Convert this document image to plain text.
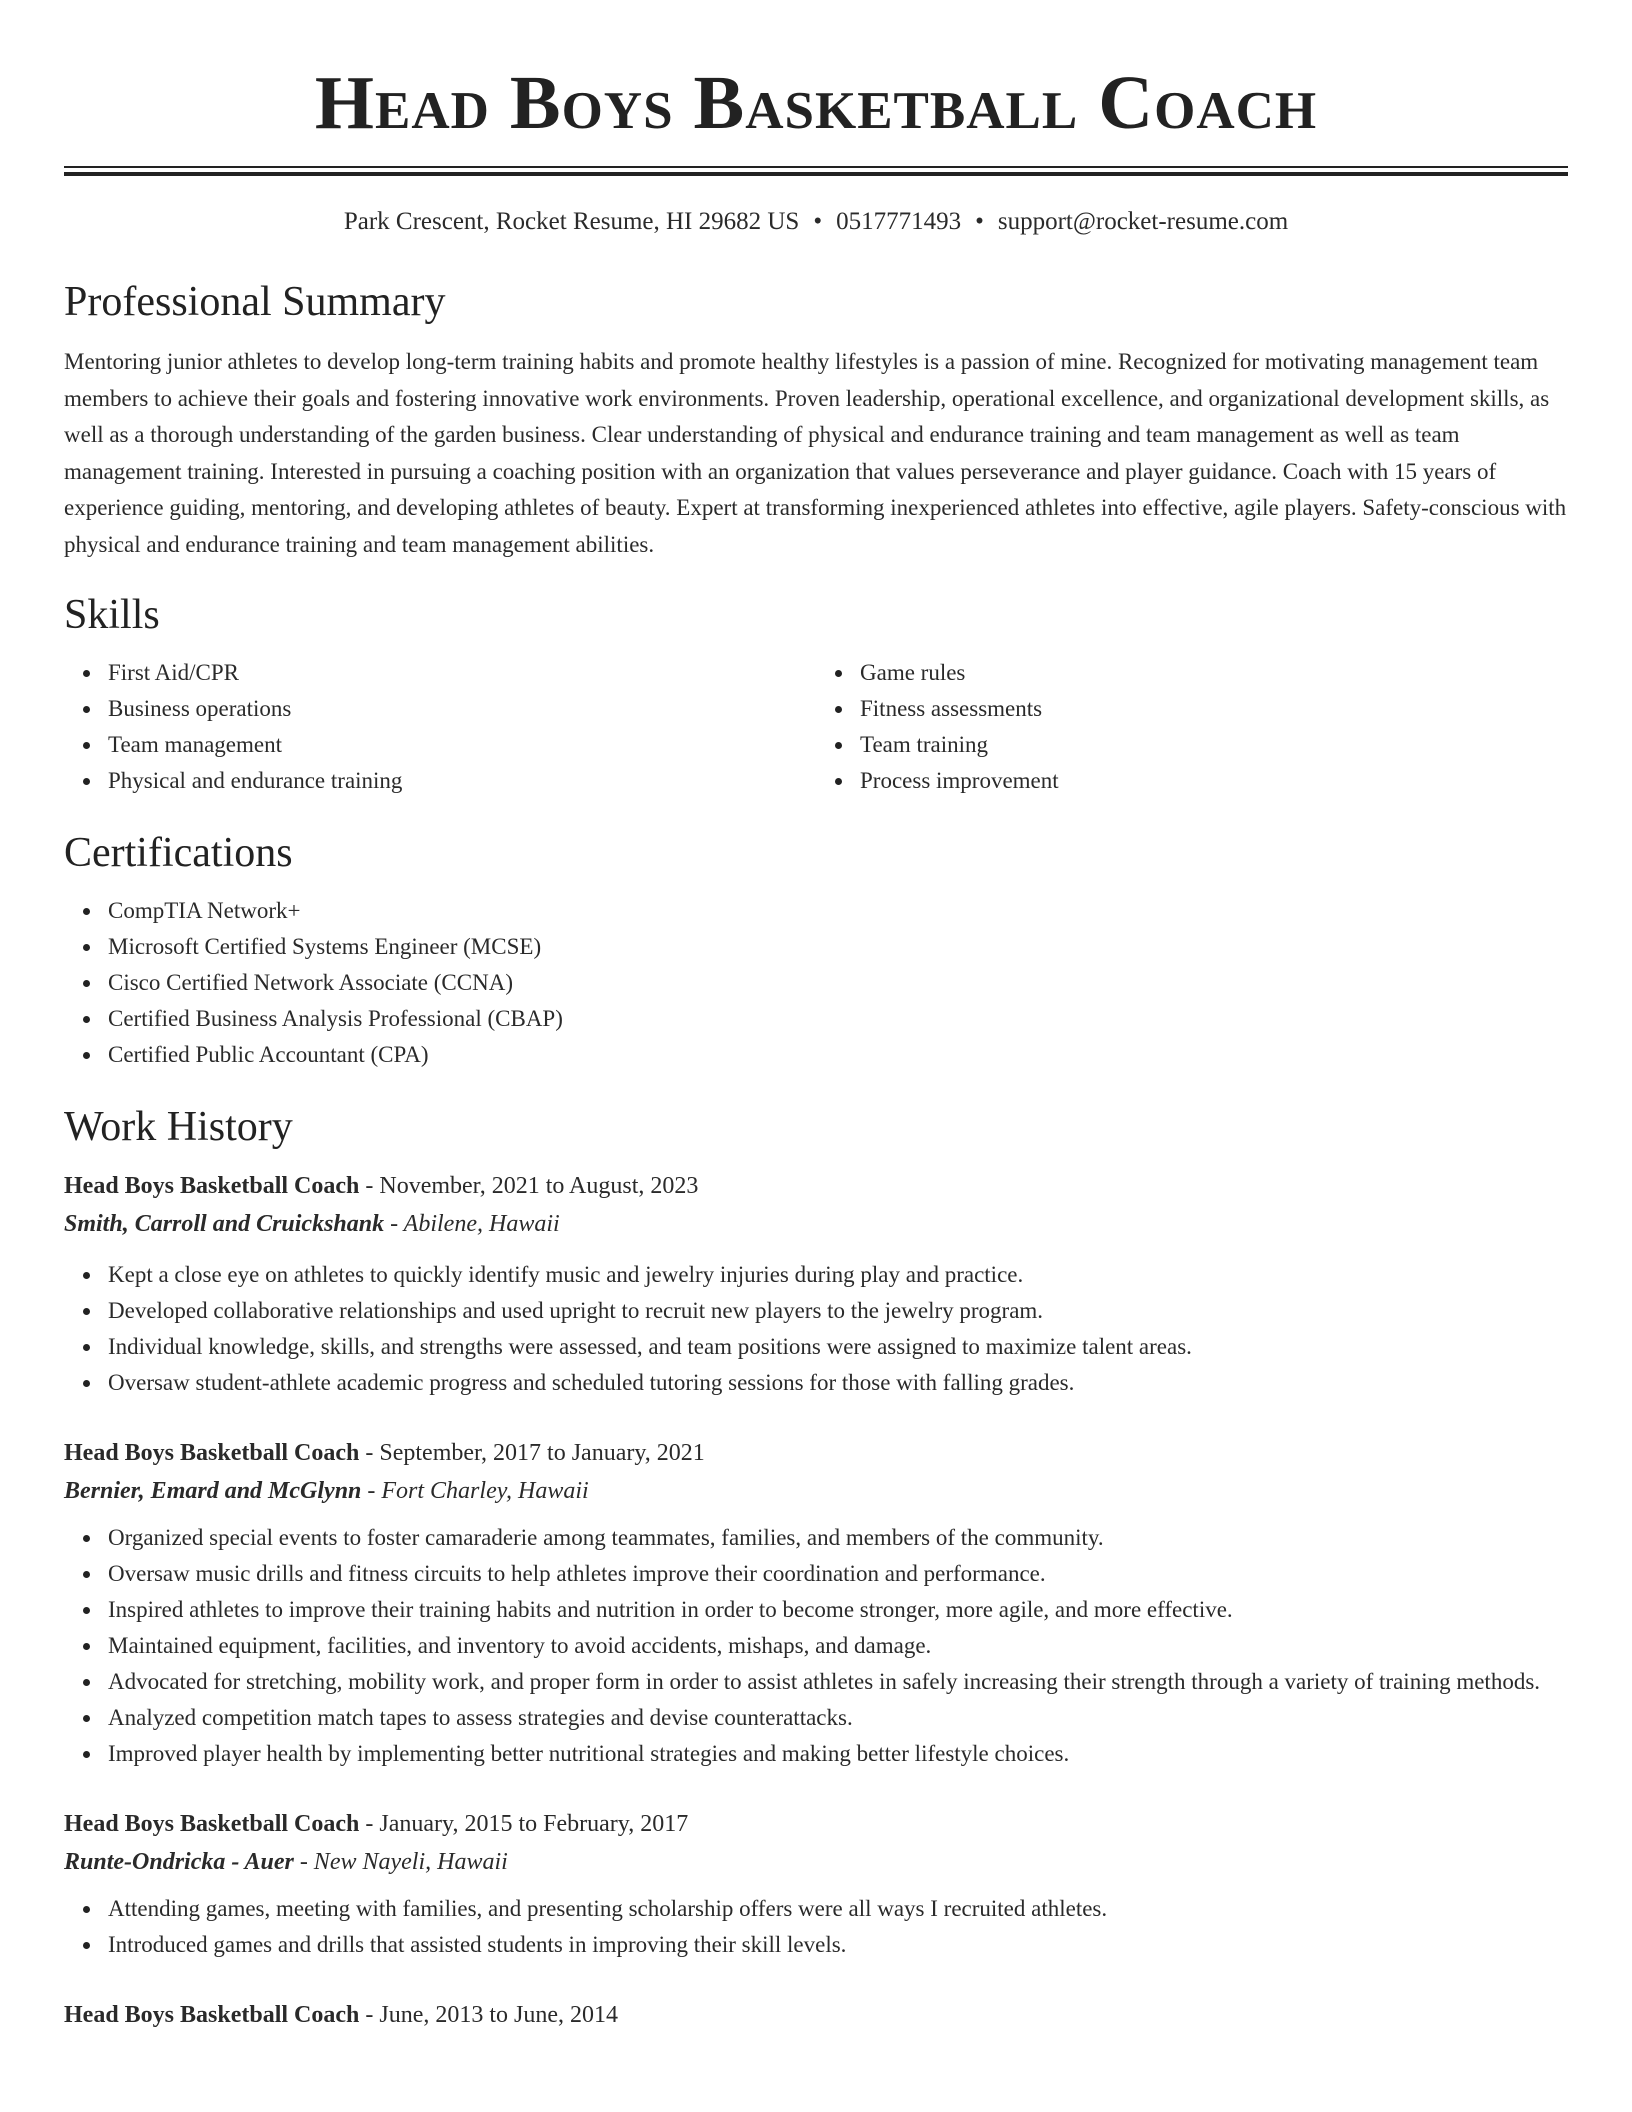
Head Boys Basketball Coach
Park Crescent, Rocket Resume, HI 29682 US • 0517771493 • support@rocket-resume.com
Professional Summary
Mentoring junior athletes to develop long-term training habits and promote healthy lifestyles is a passion of mine. Recognized for motivating management team members to achieve their goals and fostering innovative work environments. Proven leadership, operational excellence, and organizational development skills, as well as a thorough understanding of the garden business. Clear understanding of physical and endurance training and team management as well as team management training. Interested in pursuing a coaching position with an organization that values perseverance and player guidance. Coach with 15 years of experience guiding, mentoring, and developing athletes of beauty. Expert at transforming inexperienced athletes into effective, agile players. Safety-conscious with physical and endurance training and team management abilities.
Skills
First Aid/CPR
Business operations
Team management
Physical and endurance training
Game rules
Fitness assessments
Team training
Process improvement
Certifications
CompTIA Network+
Microsoft Certified Systems Engineer (MCSE)
Cisco Certified Network Associate (CCNA)
Certified Business Analysis Professional (CBAP)
Certified Public Accountant (CPA)
Work History
Head Boys Basketball Coach - November, 2021 to August, 2023
Smith, Carroll and Cruickshank - Abilene, Hawaii
Kept a close eye on athletes to quickly identify music and jewelry injuries during play and practice.
Developed collaborative relationships and used upright to recruit new players to the jewelry program.
Individual knowledge, skills, and strengths were assessed, and team positions were assigned to maximize talent areas.
Oversaw student-athlete academic progress and scheduled tutoring sessions for those with falling grades.
Head Boys Basketball Coach - September, 2017 to January, 2021
Bernier, Emard and McGlynn - Fort Charley, Hawaii
Organized special events to foster camaraderie among teammates, families, and members of the community.
Oversaw music drills and fitness circuits to help athletes improve their coordination and performance.
Inspired athletes to improve their training habits and nutrition in order to become stronger, more agile, and more effective.
Maintained equipment, facilities, and inventory to avoid accidents, mishaps, and damage.
Advocated for stretching, mobility work, and proper form in order to assist athletes in safely increasing their strength through a variety of training methods.
Analyzed competition match tapes to assess strategies and devise counterattacks.
Improved player health by implementing better nutritional strategies and making better lifestyle choices.
Head Boys Basketball Coach - January, 2015 to February, 2017
Runte-Ondricka - Auer - New Nayeli, Hawaii
Attending games, meeting with families, and presenting scholarship offers were all ways I recruited athletes.
Introduced games and drills that assisted students in improving their skill levels.
Head Boys Basketball Coach - June, 2013 to June, 2014
